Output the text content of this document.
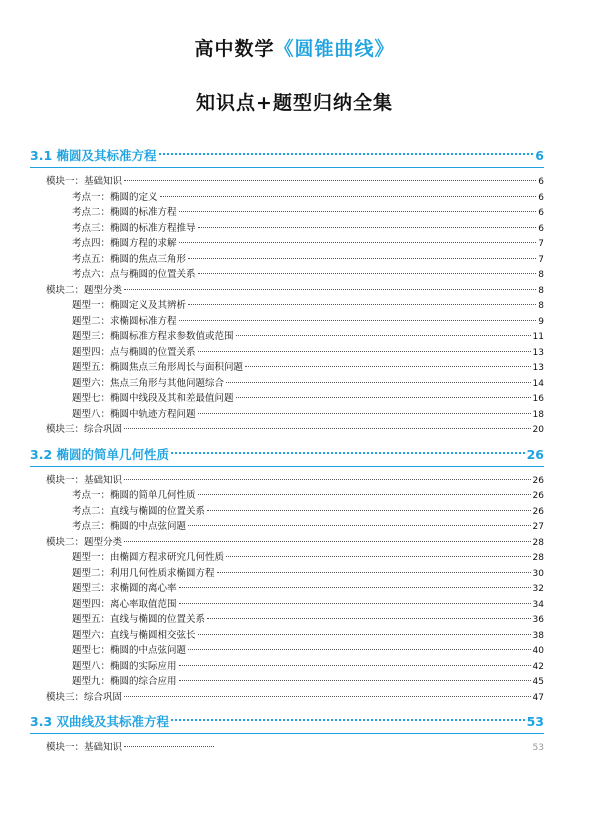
高中数学《圆锥曲线》
知识点+题型归纳全集
3.1 椭圆及其标准方程	6
模块一：基础知识	6
考点一：椭圆的定义	6
考点二：椭圆的标准方程	6
考点三：椭圆的标准方程推导	6
考点四：椭圆方程的求解	7
考点五：椭圆的焦点三角形	7
考点六：点与椭圆的位置关系	8
模块二：题型分类	8
题型一：椭圆定义及其辨析	8
题型二：求椭圆标准方程	9
题型三：椭圆标准方程求参数值或范围	11
题型四：点与椭圆的位置关系	13
题型五：椭圆焦点三角形周长与面积问题	13
题型六：焦点三角形与其他问题综合	14
题型七：椭圆中线段及其和差最值问题	16
题型八：椭圆中轨迹方程问题	18
模块三：综合巩固	20
3.2 椭圆的简单几何性质	26
模块一：基础知识	26
考点一：椭圆的简单几何性质	26
考点二：直线与椭圆的位置关系	26
考点三：椭圆的中点弦问题	27
模块二：题型分类	28
题型一：由椭圆方程求研究几何性质	28
题型二：利用几何性质求椭圆方程	30
题型三：求椭圆的离心率	32
题型四：离心率取值范围	34
题型五：直线与椭圆的位置关系	36
题型六：直线与椭圆相交弦长	38
题型七：椭圆的中点弦问题	40
题型八：椭圆的实际应用	42
题型九：椭圆的综合应用	45
模块三：综合巩固	47
3.3 双曲线及其标准方程	53
模块一：基础知识	53
